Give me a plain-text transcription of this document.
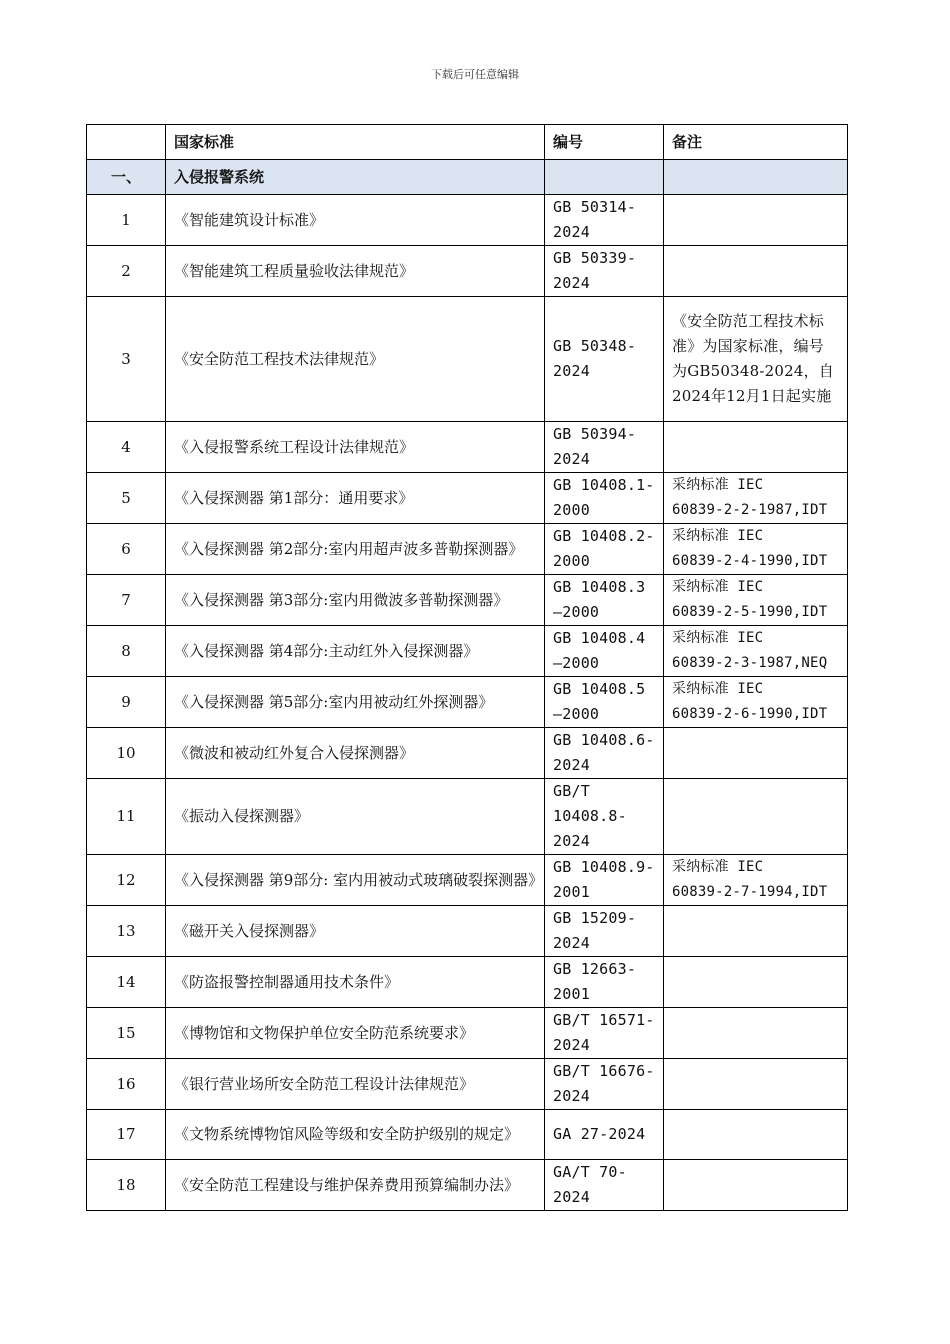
下载后可任意编辑
	国家标准	编号	备注
一、	入侵报警系统		
1	《智能建筑设计标准》	GB 50314-
2024	
2	《智能建筑工程质量验收法律规范》	GB 50339-
2024	
3	《安全防范工程技术法律规范》	GB 50348-
2024	《安全防范工程技术标准》为国家标准，编号为GB50348-2024，自2024年12月1日起实施
4	《入侵报警系统工程设计法律规范》	GB 50394-
2024	
5	《入侵探测器 第1部分：通用要求》	GB 10408.1-
2000	采纳标准 IEC
60839-2-2-1987,IDT
6	《入侵探测器 第2部分:室内用超声波多普勒探测器》	GB 10408.2-
2000	采纳标准 IEC
60839-2-4-1990,IDT
7	《入侵探测器 第3部分:室内用微波多普勒探测器》	GB 10408.3
—2000	采纳标准 IEC
60839-2-5-1990,IDT
8	《入侵探测器 第4部分:主动红外入侵探测器》	GB 10408.4
—2000	采纳标准 IEC
60839-2-3-1987,NEQ
9	《入侵探测器 第5部分:室内用被动红外探测器》	GB 10408.5
—2000	采纳标准 IEC
60839-2-6-1990,IDT
10	《微波和被动红外复合入侵探测器》	GB 10408.6-
2024	
11	《振动入侵探测器》	GB/T
10408.8-
2024	
12	《入侵探测器 第9部分: 室内用被动式玻璃破裂探测器》	GB 10408.9-
2001	采纳标准 IEC
60839-2-7-1994,IDT
13	《磁开关入侵探测器》	GB 15209-
2024	
14	《防盗报警控制器通用技术条件》	GB 12663-
2001	
15	《博物馆和文物保护单位安全防范系统要求》	GB/T 16571-
2024	
16	《银行营业场所安全防范工程设计法律规范》	GB/T 16676-
2024	
17	《文物系统博物馆风险等级和安全防护级别的规定》	GA 27-2024	
18	《安全防范工程建设与维护保养费用预算编制办法》	GA/T 70-
2024	
